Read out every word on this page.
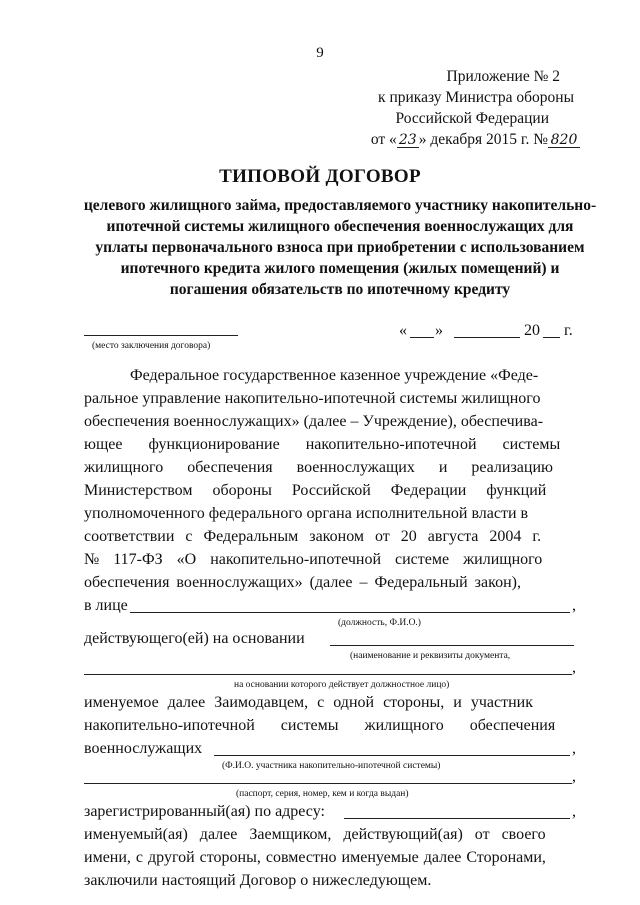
9
Приложение № 2
к приказу Министра обороны
Российской Федерации
от « 23 » декабря 2015 г. № 820
ТИПОВОЙ ДОГОВОР
целевого жилищного займа, предоставляемого участнику накопительно-ипотечной системы жилищного обеспечения военнослужащих для уплаты первоначального взноса при приобретении с использованием ипотечного кредита жилого помещения (жилых помещений) и погашения обязательств по ипотечному кредиту
(место заключения договора)
« »	20 г.
Федеральное государственное казенное учреждение «Феде-
ральное управление накопительно-ипотечной системы жилищного
обеспечения военнослужащих» (далее – Учреждение), обеспечива-
ющее функционирование накопительно-ипотечной системы
жилищного обеспечения военнослужащих и реализацию
Министерством обороны Российской Федерации функций
уполномоченного федерального органа исполнительной власти в
соответствии с Федеральным законом от 20 августа 2004 г.
№ 117-ФЗ «О накопительно-ипотечной системе жилищного
обеспечения военнослужащих» (далее – Федеральный закон),
в лице	,
(должность, Ф.И.О.)
действующего(ей) на основании
(наименование и реквизиты документа,
,
на основании которого действует должностное лицо)
именуемое далее Заимодавцем, с одной стороны, и участник
накопительно-ипотечной системы жилищного обеспечения
военнослужащих	,
(Ф.И.О. участника накопительно-ипотечной системы)
,
(паспорт, серия, номер, кем и когда выдан)
зарегистрированный(ая) по адресу:	,
именуемый(ая) далее Заемщиком, действующий(ая) от своего
имени, с другой стороны, совместно именуемые далее Сторонами,
заключили настоящий Договор о нижеследующем.
